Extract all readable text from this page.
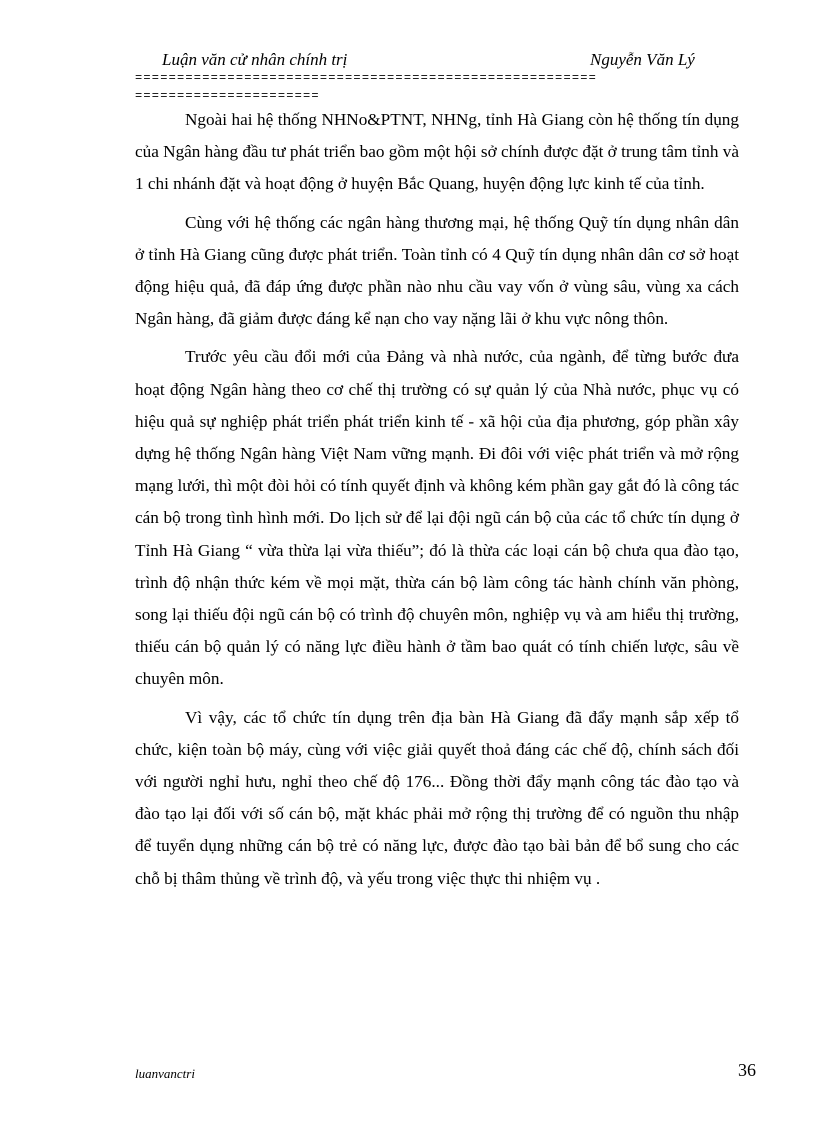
Luận văn cử nhân chính trị	Nguyễn Văn Lý
=======================================================
======================

Ngoài hai hệ thống NHNo&PTNT, NHNg, tỉnh Hà Giang còn hệ thống tín dụng của Ngân hàng đầu tư phát triển bao gồm một hội sở chính được đặt ở trung tâm tỉnh và 1 chi nhánh đặt và hoạt động ở huyện Bắc Quang, huyện động lực kinh tế của tỉnh.

Cùng với hệ thống các ngân hàng thương mại, hệ thống Quỹ tín dụng nhân dân ở tỉnh Hà Giang cũng được phát triển. Toàn tỉnh có 4 Quỹ tín dụng nhân dân cơ sở hoạt động hiệu quả, đã đáp ứng được phần nào nhu cầu vay vốn ở vùng sâu, vùng xa cách Ngân hàng, đã giảm được đáng kể nạn cho vay nặng lãi ở khu vực nông thôn.

Trước yêu cầu đổi mới của Đảng và nhà nước, của ngành, để từng bước đưa hoạt động Ngân hàng theo cơ chế thị trường có sự quản lý của Nhà nước, phục vụ có hiệu quả sự nghiệp phát triển phát triển kinh tế - xã hội của địa phương, góp phần xây dựng hệ thống Ngân hàng Việt Nam vững mạnh. Đi đôi với việc phát triển và mở rộng mạng lưới, thì một đòi hỏi có tính quyết định và không kém phần gay gắt đó là công tác cán bộ trong tình hình mới. Do lịch sử để lại đội ngũ cán bộ của các tổ chức tín dụng ở Tỉnh Hà Giang “ vừa thừa lại vừa thiếu”; đó là thừa các loại cán bộ chưa qua đào tạo, trình độ nhận thức kém về mọi mặt, thừa cán bộ làm công tác hành chính văn phòng, song lại thiếu đội ngũ cán bộ có trình độ chuyên môn, nghiệp vụ và am hiểu thị trường, thiếu cán bộ quản lý có năng lực điều hành ở tầm bao quát có tính chiến lược, sâu về chuyên môn.

Vì vậy, các tổ chức tín dụng trên địa bàn Hà Giang đã đẩy mạnh sắp xếp tổ chức, kiện toàn bộ máy, cùng với việc giải quyết thoả đáng các chế độ, chính sách đối với người nghỉ hưu, nghỉ theo chế độ 176... Đồng thời đẩy mạnh công tác đào tạo và đào tạo lại đối với số cán bộ, mặt khác phải mở rộng thị trường để có nguồn thu nhập để tuyển dụng những cán bộ trẻ có năng lực, được đào tạo bài bản để bổ sung cho các chỗ bị thâm thủng về trình độ, và yếu trong việc thực thi nhiệm vụ .

luanvanctri	36
